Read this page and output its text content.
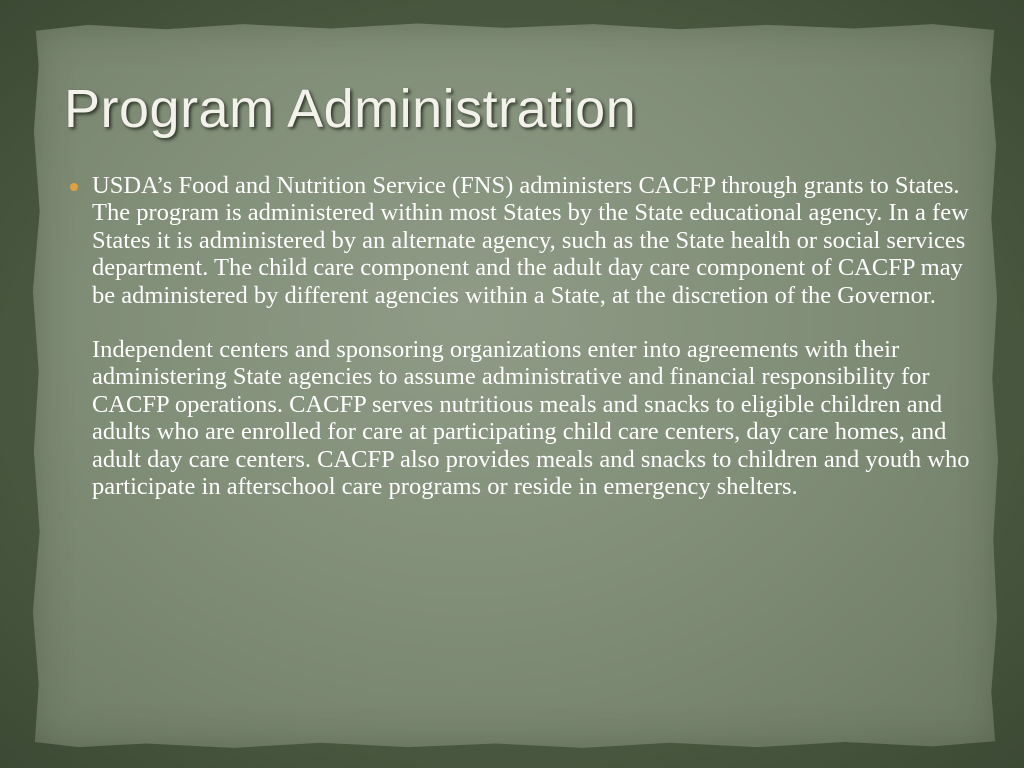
Program Administration

USDA’s Food and Nutrition Service (FNS) administers CACFP through grants to States. The program is administered within most States by the State educational agency. In a few States it is administered by an alternate agency, such as the State health or social services department. The child care component and the adult day care component of CACFP may be administered by different agencies within a State, at the discretion of the Governor.

Independent centers and sponsoring organizations enter into agreements with their administering State agencies to assume administrative and financial responsibility for CACFP operations. CACFP serves nutritious meals and snacks to eligible children and adults who are enrolled for care at participating child care centers, day care homes, and adult day care centers. CACFP also provides meals and snacks to children and youth who participate in afterschool care programs or reside in emergency shelters.
